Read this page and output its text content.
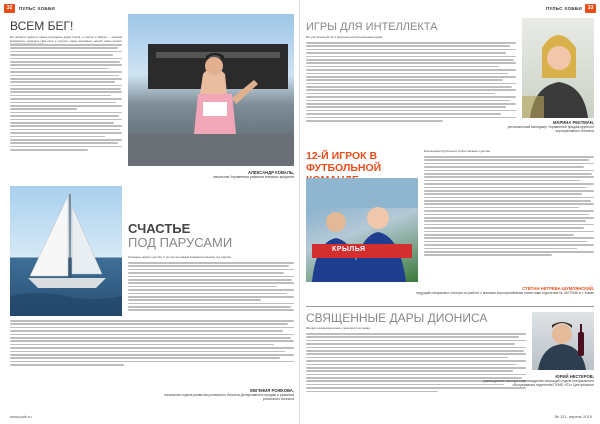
32	ПУЛЬС ХОББИ
ВСЕМ БЕГ!
Бег является одним из самых популярных видов спорта, а участие в забегах — хорошая возможность проверить свои силы и получить заряд позитивных эмоций. Наши коллеги
АЛЕКСАНДР КОВАЛЬ,
начальник Управления развития внешних кредитов
СЧАСТЬЕ
ПОД ПАРУСАМИ
Увлекаюсь морем с детства. С тех пор при каждой возможности выхожу под парусом.
ЕВГЕНИЯ РОЖКОВА,
начальник отдела развития розничного бизнеса Департамента продаж и развития розничного бизнеса
www.puls.ru
ПУЛЬС ХОББИ	33
ИГРЫ ДЛЯ ИНТЕЛЛЕКТА
Вот уже больше 20 лет я увлечена интеллектуальными играми.
МАРИНА РЕКТМАН,
региональный менеджер Управления продаж крупного корпоративного бизнеса
12-Й ИГРОК В ФУТБОЛЬНОЙ
Болельщиком футбольного клуба я являюсь с детства.
КРЫЛЬЯ
СТЕПАН НЕТРЕБА-ШУМЛЯНСКИЙ,
ведущий специалист сектора по работе с малыми корпоративными клиентами отделения № 26 ПУМБ в г. Киеве
СВЯЩЕННЫЕ ДАРЫ ДИОНИСА
Интерес к виноделию возник у меня много лет назад.
ЮРИЙ НЕСТЕРОВ,
руководитель сектора сопровождения операций отдела специального обслуживания отделения ПУМБ «П1» Центральное
№ 121, апрель 2019
